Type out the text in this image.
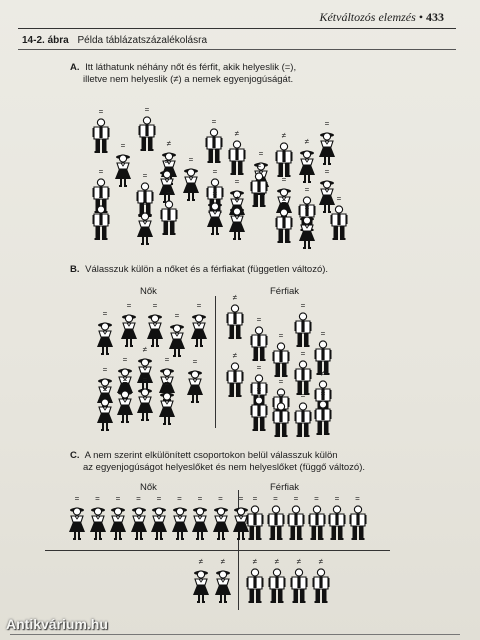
Kétváltozós elemzés • 433
14-2. ábra Példa táblázatszázalékolásra
A. Itt láthatunk néhány nőt és férfit, akik helyeslik (=),
illetve nem helyeslik (≠) a nemek egyenjogúságát.
=	=
=	≠
=
≠
=
≠
≠
=
=	=
=	=
=
=
≠
=
=
=
=	≠
≠
=
=	=
=
=
B. Válasszuk külön a nőket és a férfiakat (független változó).
Nők	Férfiak
=
=	=
=
=
=
=
≠
=	=
=
=	=	≠
≠
=
=
=
=
≠
=
=
=
≠
=
=	=	=
C. A nem szerint elkülönített csoportokon belül válasszuk külön
az egyenjogúságot helyeslőket és nem helyeslőket (függő változó).
Nők	Férfiak
=	=	=	=	=	=	=	=	=	=	=	=	=	=	=
≠	≠	≠	≠	≠	≠
Antikvárium.hu
